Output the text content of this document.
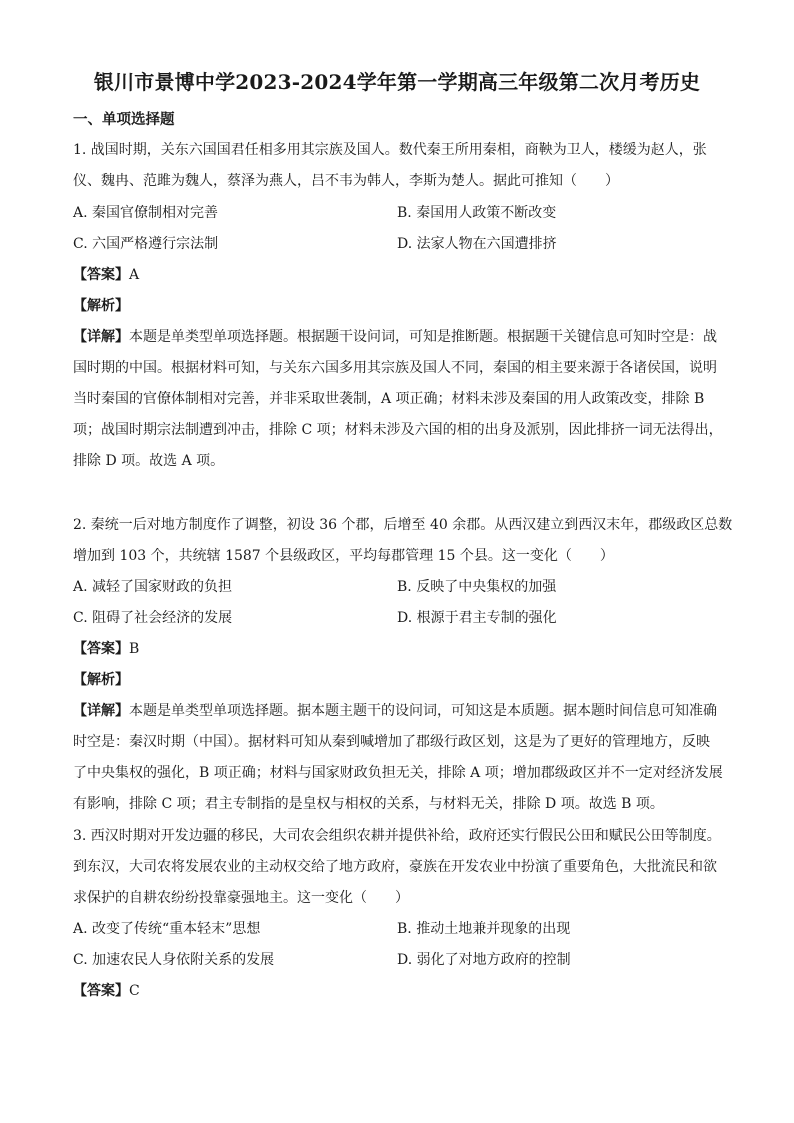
银川市景博中学2023-2024学年第一学期高三年级第二次月考历史
一、单项选择题
1. 战国时期，关东六国国君任相多用其宗族及国人。数代秦王所用秦相，商鞅为卫人，楼缓为赵人，张
仪、魏冉、范雎为魏人，蔡泽为燕人，吕不韦为韩人，李斯为楚人。据此可推知（　　）
A. 秦国官僚制相对完善	B. 秦国用人政策不断改变
C. 六国严格遵行宗法制	D. 法家人物在六国遭排挤
【答案】A
【解析】
【详解】本题是单类型单项选择题。根据题干设问词，可知是推断题。根据题干关键信息可知时空是：战
国时期的中国。根据材料可知，与关东六国多用其宗族及国人不同，秦国的相主要来源于各诸侯国，说明
当时秦国的官僚体制相对完善，并非采取世袭制，A 项正确；材料未涉及秦国的用人政策改变，排除 B
项；战国时期宗法制遭到冲击，排除 C 项；材料未涉及六国的相的出身及派别，因此排挤一词无法得出，
排除 D 项。故选 A 项。
2. 秦统一后对地方制度作了调整，初设 36 个郡，后增至 40 余郡。从西汉建立到西汉末年，郡级政区总数
增加到 103 个，共统辖 1587 个县级政区，平均每郡管理 15 个县。这一变化（　　）
A. 减轻了国家财政的负担	B. 反映了中央集权的加强
C. 阻碍了社会经济的发展	D. 根源于君主专制的强化
【答案】B
【解析】
【详解】本题是单类型单项选择题。据本题主题干的设问词，可知这是本质题。据本题时间信息可知准确
时空是：秦汉时期（中国）。据材料可知从秦到喊增加了郡级行政区划，这是为了更好的管理地方，反映
了中央集权的强化，B 项正确；材料与国家财政负担无关，排除 A 项；增加郡级政区并不一定对经济发展
有影响，排除 C 项；君主专制指的是皇权与相权的关系，与材料无关，排除 D 项。故选 B 项。
3. 西汉时期对开发边疆的移民，大司农会组织农耕并提供补给，政府还实行假民公田和赋民公田等制度。
到东汉，大司农将发展农业的主动权交给了地方政府，豪族在开发农业中扮演了重要角色，大批流民和欲
求保护的自耕农纷纷投靠豪强地主。这一变化（　　）
A. 改变了传统“重本轻末”思想	B. 推动土地兼并现象的出现
C. 加速农民人身依附关系的发展	D. 弱化了对地方政府的控制
【答案】C
